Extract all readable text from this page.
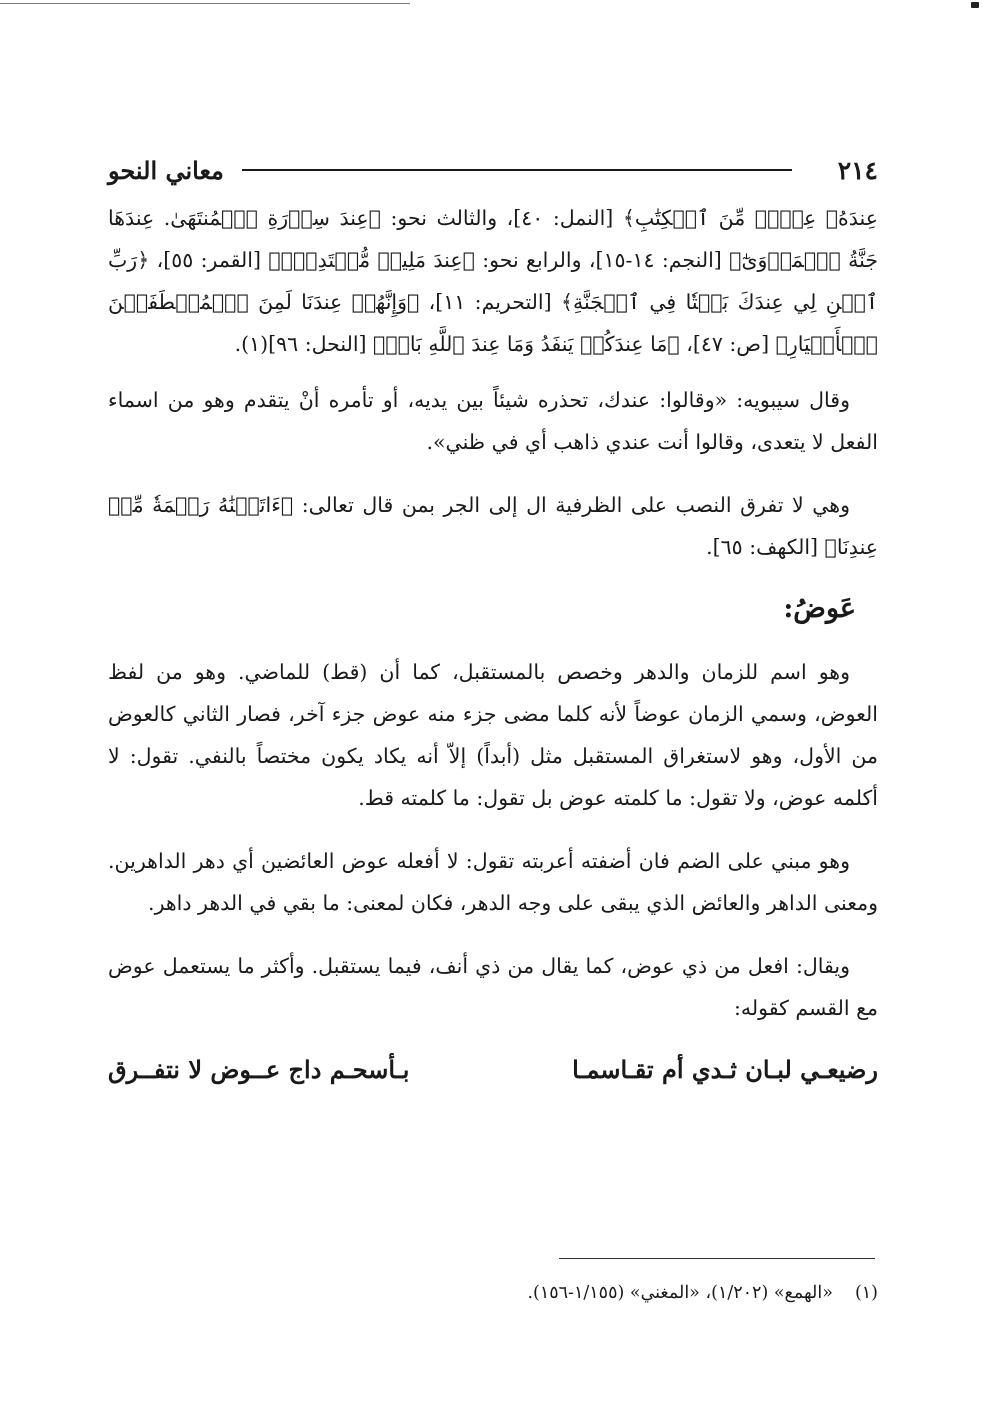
٢١٤
معاني النحو

عِندَهُۥ عِلۡمٞ مِّنَ ٱلۡكِتَٰبِ﴾ [النمل: ٤٠]، والثالث نحو: ﴿عِندَ سِدۡرَةِ ٱلۡمُنتَهَىٰ. عِندَهَا جَنَّةُ ٱلۡمَأۡوَىٰٓ﴾ [النجم: ١٤-١٥]، والرابع نحو: ﴿عِندَ مَلِيكٖ مُّقۡتَدِرِۭ﴾ [القمر: ٥٥]، ﴿رَبِّ ٱبۡنِ لِي عِندَكَ بَيۡتٗا فِي ٱلۡجَنَّةِ﴾ [التحريم: ١١]، ﴿وَإِنَّهُمۡ عِندَنَا لَمِنَ ٱلۡمُصۡطَفَيۡنَ ٱلۡأَخۡيَارِ﴾ [ص: ٤٧]، ﴿مَا عِندَكُمۡ يَنفَدُ وَمَا عِندَ ٱللَّهِ بَاقٖ﴾ [النحل: ٩٦](١).

وقال سيبويه: «وقالوا: عندك، تحذره شيئاً بين يديه، أو تأمره أنْ يتقدم وهو من اسماء الفعل لا يتعدى، وقالوا أنت عندي ذاهب أي في ظني».

وهي لا تفرق النصب على الظرفية ال إلى الجر بمن قال تعالى: ﴿ءَاتَيۡنَٰهُ رَحۡمَةٗ مِّنۡ عِندِنَا﴾ [الكهف: ٦٥].

عَوضُ:

وهو اسم للزمان والدهر وخصص بالمستقبل، كما أن (قط) للماضي. وهو من لفظ العوض، وسمي الزمان عوضاً لأنه كلما مضى جزء منه عوض جزء آخر، فصار الثاني كالعوض من الأول، وهو لاستغراق المستقبل مثل (أبداً) إلاّ أنه يكاد يكون مختصاً بالنفي. تقول: لا أكلمه عوض، ولا تقول: ما كلمته عوض بل تقول: ما كلمته قط.

وهو مبني على الضم فان أضفته أعربته تقول: لا أفعله عوض العائضين أي دهر الداهرين. ومعنى الداهر والعائض الذي يبقى على وجه الدهر، فكان لمعنى: ما بقي في الدهر داهر.

ويقال: افعل من ذي عوض، كما يقال من ذي أنف، فيما يستقبل. وأكثر ما يستعمل عوض مع القسم كقوله:

رضيعـي لبـان ثـدي أم تقـاسمـا
بـأسحـم داج عــوض لا نتفــرق
(١)«الهمع» (١/٢٠٢)، «المغني» (١/١٥٥-١٥٦).
